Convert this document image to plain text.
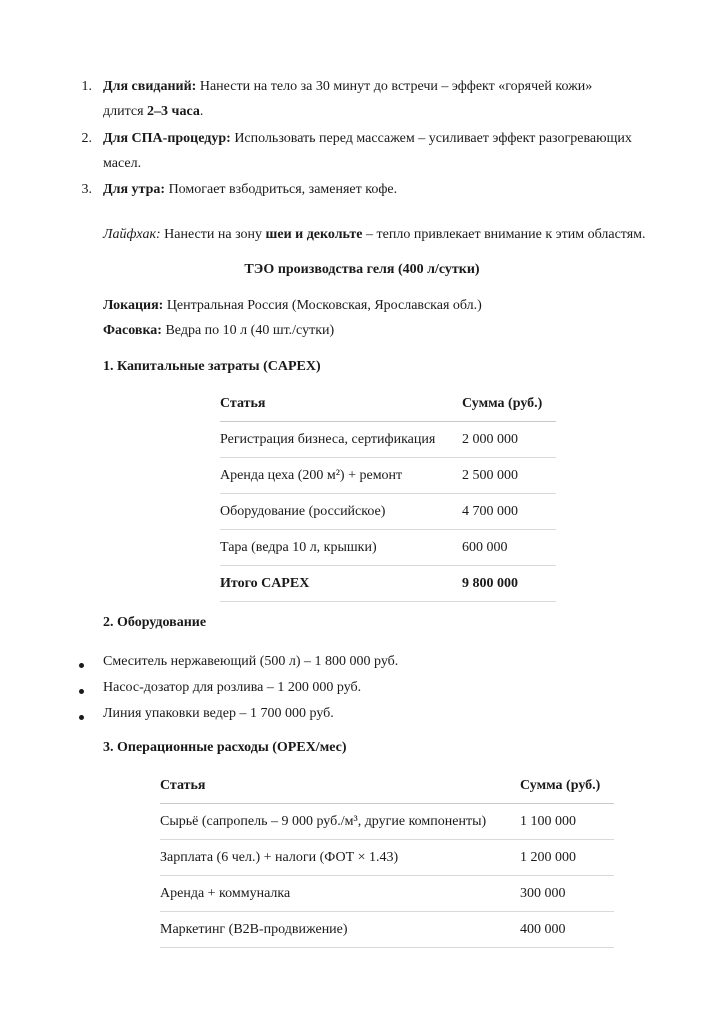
1. Для свиданий: Нанести на тело за 30 минут до встречи – эффект «горячей кожи»
длится 2–3 часа.
2. Для СПА-процедур: Использовать перед массажем – усиливает эффект разогревающих
масел.
3. Для утра: Помогает взбодриться, заменяет кофе.
Лайфхак: Нанести на зону шеи и декольте – тепло привлекает внимание к этим областям.
ТЭО производства геля (400 л/сутки)
Локация: Центральная Россия (Московская, Ярославская обл.)
Фасовка: Ведра по 10 л (40 шт./сутки)
1. Капитальные затраты (CAPEX)
Статья	Сумма (руб.)
Регистрация бизнеса, сертификация	2 000 000
Аренда цеха (200 м²) + ремонт	2 500 000
Оборудование (российское)	4 700 000
Тара (ведра 10 л, крышки)	600 000
Итого CAPEX	9 800 000
2. Оборудование
Смеситель нержавеющий (500 л) – 1 800 000 руб.
Насос-дозатор для розлива – 1 200 000 руб.
Линия упаковки ведер – 1 700 000 руб.
3. Операционные расходы (OPEX/мес)
Статья	Сумма (руб.)
Сырьё (сапропель – 9 000 руб./м³, другие компоненты)	1 100 000
Зарплата (6 чел.) + налоги (ФОТ × 1.43)	1 200 000
Аренда + коммуналка	300 000
Маркетинг (B2B-продвижение)	400 000
